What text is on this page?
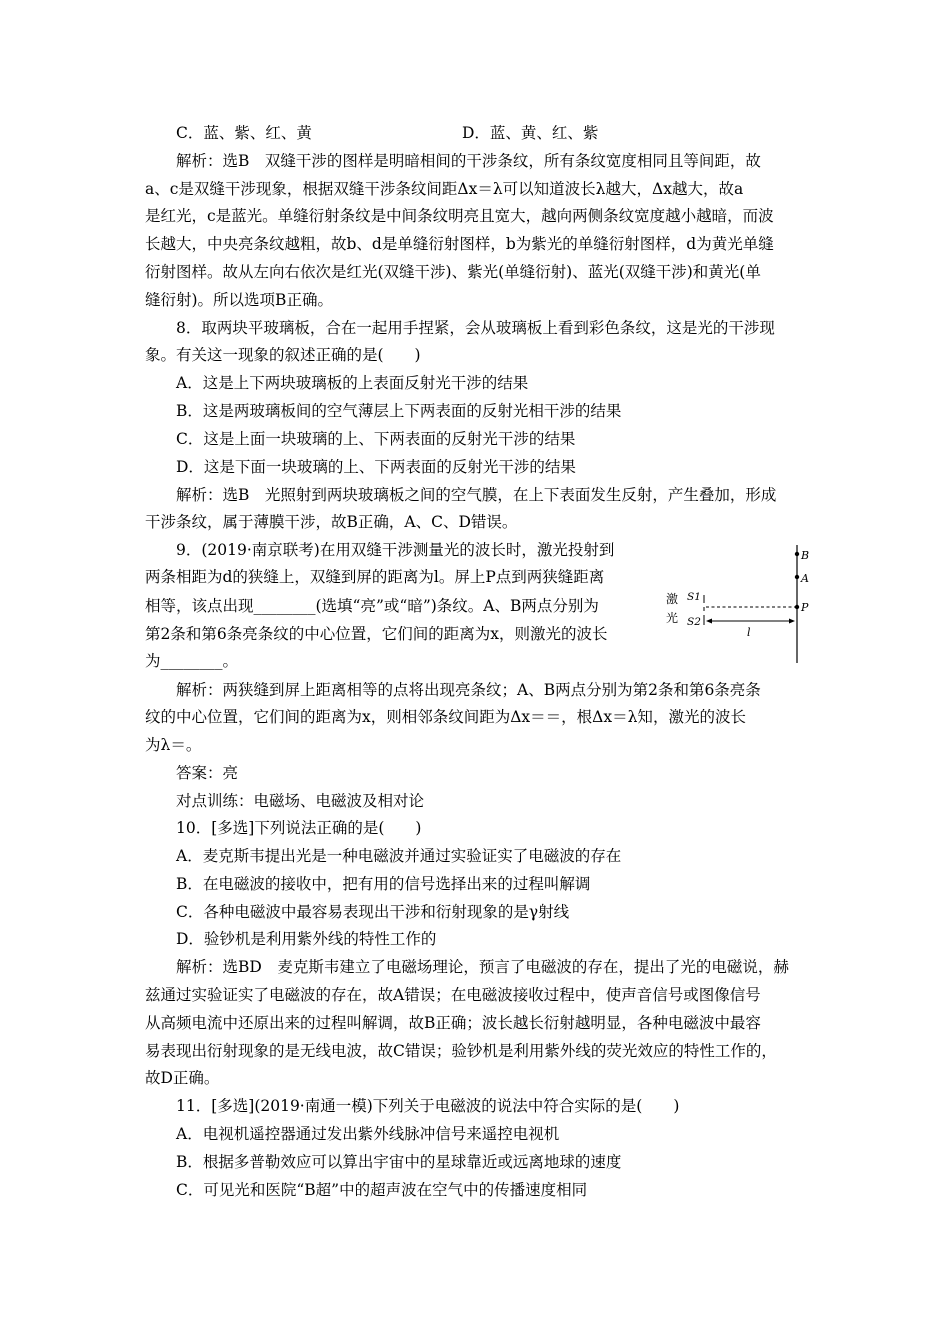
C．蓝、紫、红、黄	D．蓝、黄、红、紫
解析：选B　双缝干涉的图样是明暗相间的干涉条纹，所有条纹宽度相同且等间距，故
a、c是双缝干涉现象，根据双缝干涉条纹间距Δx＝λ可以知道波长λ越大，Δx越大，故a
是红光，c是蓝光。单缝衍射条纹是中间条纹明亮且宽大，越向两侧条纹宽度越小越暗，而波
长越大，中央亮条纹越粗，故b、d是单缝衍射图样，b为紫光的单缝衍射图样，d为黄光单缝
衍射图样。故从左向右依次是红光(双缝干涉)、紫光(单缝衍射)、蓝光(双缝干涉)和黄光(单
缝衍射)。所以选项B正确。
8．取两块平玻璃板，合在一起用手捏紧，会从玻璃板上看到彩色条纹，这是光的干涉现
象。有关这一现象的叙述正确的是(　　)
A．这是上下两块玻璃板的上表面反射光干涉的结果
B．这是两玻璃板间的空气薄层上下两表面的反射光相干涉的结果
C．这是上面一块玻璃的上、下两表面的反射光干涉的结果
D．这是下面一块玻璃的上、下两表面的反射光干涉的结果
解析：选B　光照射到两块玻璃板之间的空气膜，在上下表面发生反射，产生叠加，形成
干涉条纹，属于薄膜干涉，故B正确，A、C、D错误。
9．(2019·南京联考)在用双缝干涉测量光的波长时，激光投射到
两条相距为d的狭缝上，双缝到屏的距离为l。屏上P点到两狭缝距离
相等，该点出现________(选填“亮”或“暗”)条纹。A、B两点分别为
第2条和第6条亮条纹的中心位置，它们间的距离为x，则激光的波长
为________。
B
A
P
S1
S2
l
激
光
解析：两狭缝到屏上距离相等的点将出现亮条纹；A、B两点分别为第2条和第6条亮条
纹的中心位置，它们间的距离为x，则相邻条纹间距为Δx＝＝，根Δx＝λ知，激光的波长
为λ＝。
答案：亮
对点训练：电磁场、电磁波及相对论
10．[多选]下列说法正确的是(　　)
A．麦克斯韦提出光是一种电磁波并通过实验证实了电磁波的存在
B．在电磁波的接收中，把有用的信号选择出来的过程叫解调
C．各种电磁波中最容易表现出干涉和衍射现象的是γ射线
D．验钞机是利用紫外线的特性工作的
解析：选BD　麦克斯韦建立了电磁场理论，预言了电磁波的存在，提出了光的电磁说，赫
兹通过实验证实了电磁波的存在，故A错误；在电磁波接收过程中，使声音信号或图像信号
从高频电流中还原出来的过程叫解调，故B正确；波长越长衍射越明显，各种电磁波中最容
易表现出衍射现象的是无线电波，故C错误；验钞机是利用紫外线的荧光效应的特性工作的，
故D正确。
11．[多选](2019·南通一模)下列关于电磁波的说法中符合实际的是(　　)
A．电视机遥控器通过发出紫外线脉冲信号来遥控电视机
B．根据多普勒效应可以算出宇宙中的星球靠近或远离地球的速度
C．可见光和医院“B超”中的超声波在空气中的传播速度相同
